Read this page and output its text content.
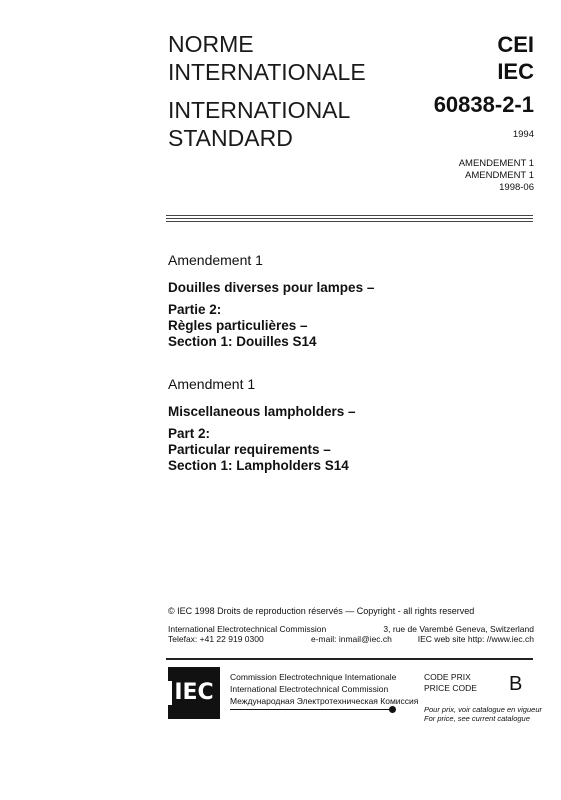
NORME
INTERNATIONALE
INTERNATIONAL
STANDARD
CEI
IEC
60838-2-1
1994
AMENDEMENT 1
AMENDMENT 1
1998-06
Amendement 1
Douilles diverses pour lampes –
Partie 2:
Règles particulières –
Section 1: Douilles S14
Amendment 1
Miscellaneous lampholders –
Part 2:
Particular requirements –
Section 1: Lampholders S14
© IEC 1998 Droits de reproduction réservés — Copyright - all rights reserved
International Electrotechnical Commission	3, rue de Varembé Geneva, Switzerland
Telefax: +41 22 919 0300	e-mail: inmail@iec.ch	IEC web site http: //www.iec.ch
IEC
Commission Electrotechnique Internationale
International Electrotechnical Commission
Международная Электротехническая Комиссия
CODE PRIX
PRICE CODE B
Pour prix, voir catalogue en vigueur
For price, see current catalogue
